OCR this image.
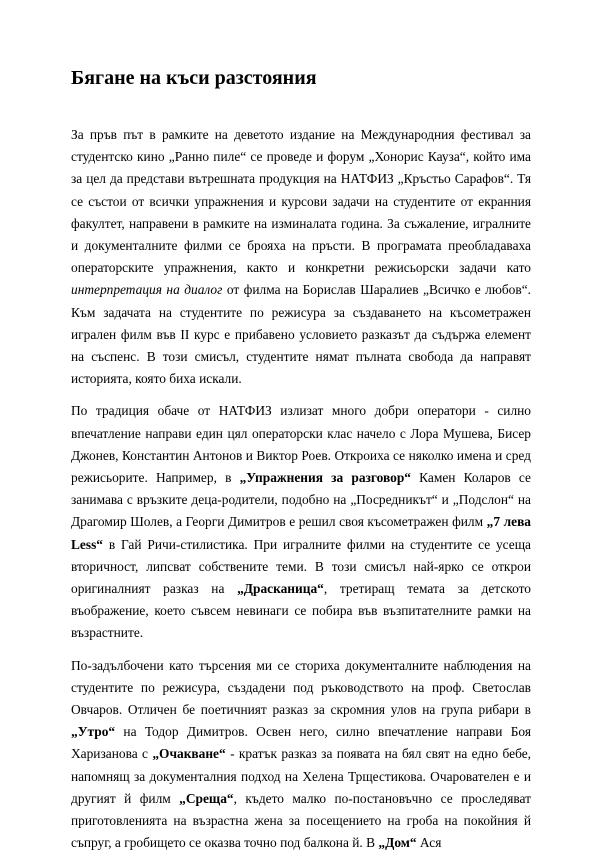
Бягане на къси разстояния

За пръв път в рамките на деветото издание на Международния фестивал за студентско кино „Ранно пиле“ се проведе и форум „Хонорис Кауза“, който има за цел да представи вътрешната продукция на НАТФИЗ „Кръстьо Сарафов“. Тя се състои от всички упражнения и курсови задачи на студентите от екранния факултет, направени в рамките на изминалата година. За съжаление, игралните и документалните филми се брояха на пръсти. В програмата преобладаваха операторските упражнения, както и конкретни режисьорски задачи като интерпретация на диалог от филма на Борислав Шаралиев „Всичко е любов“. Към задачата на студентите по режисура за създаването на късометражен игрален филм във II курс е прибавено условието разказът да съдържа елемент на съспенс. В този смисъл, студентите нямат пълната свобода да направят историята, която биха искали.

По традиция обаче от НАТФИЗ излизат много добри оператори - силно впечатление направи един цял операторски клас начело с Лора Мушева, Бисер Джонев, Константин Антонов и Виктор Роев. Откроиха се няколко имена и сред режисьорите. Например, в „Упражнения за разговор“ Камен Коларов се занимава с връзките деца-родители, подобно на „Посредникът“ и „Подслон“ на Драгомир Шолев, а Георги Димитров е решил своя късометражен филм „7 лева Less“ в Гай Ричи-стилистика. При игралните филми на студентите се усеща вторичност, липсват собствените теми. В този смисъл най-ярко се открои оригиналният разказ на „Драсканица“, третиращ темата за детското въображение, което съвсем невинаги се побира във възпитателните рамки на възрастните.

По-задълбочени като търсения ми се сториха документалните наблюдения на студентите по режисура, създадени под ръководството на проф. Светослав Овчаров. Отличен бе поетичният разказ за скромния улов на група рибари в „Утро“ на Тодор Димитров. Освен него, силно впечатление направи Боя Харизанова с „Очакване“ - кратък разказ за появата на бял свят на едно бебе, напомнящ за документалния подход на Хелена Трщестикова. Очарователен е и другият й филм „Среща“, където малко по-постановъчно се проследяват приготовленията на възрастна жена за посещението на гроба на покойния й съпруг, а гробището се оказва точно под балкона й. В „Дом“ Ася
